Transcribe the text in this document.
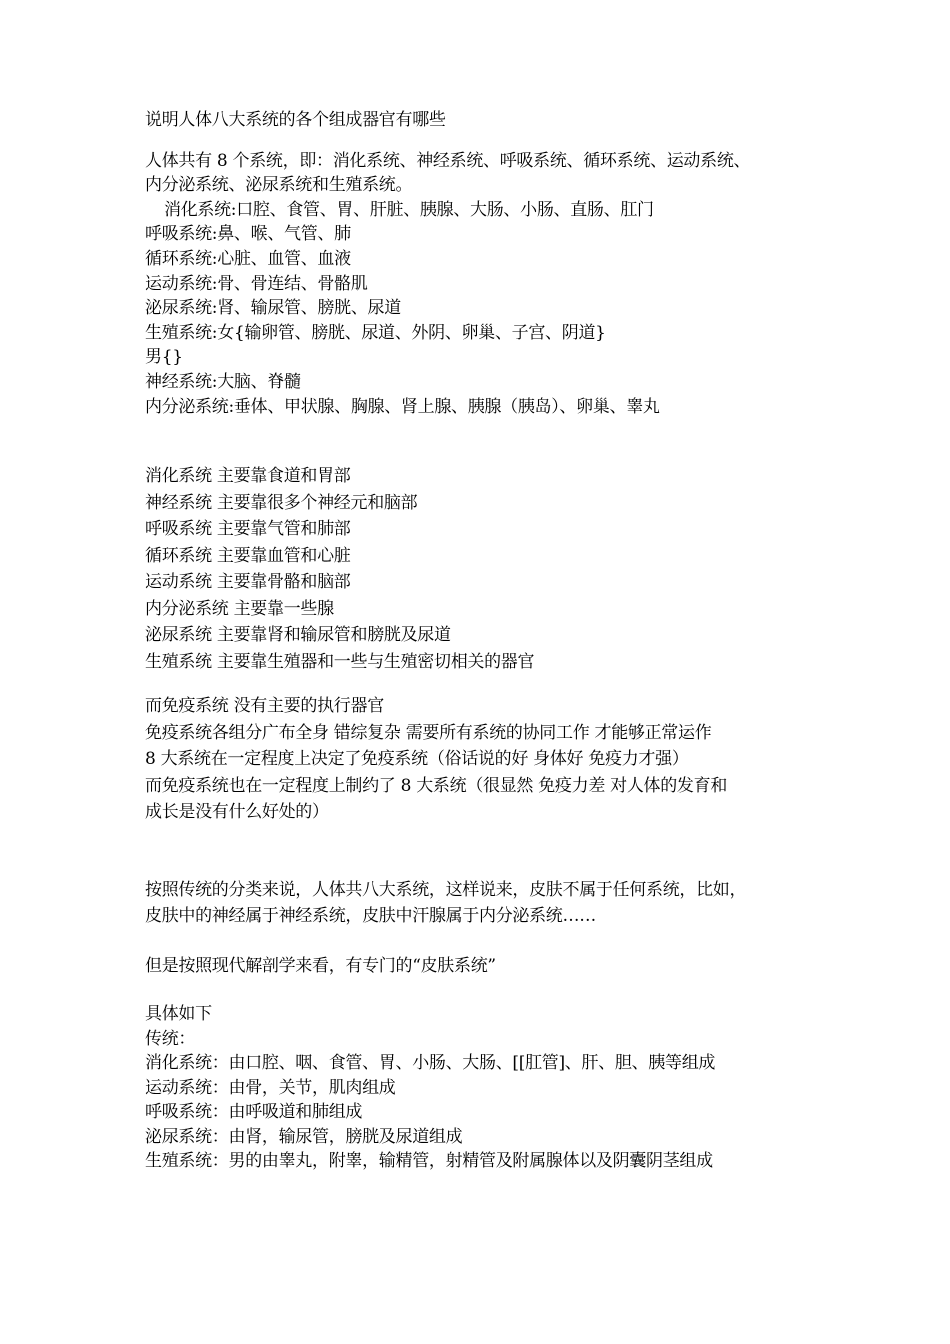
说明人体八大系统的各个组成器官有哪些
人体共有 8 个系统，即：消化系统、神经系统、呼吸系统、循环系统、运动系统、
内分泌系统、泌尿系统和生殖系统。
消化系统:口腔、食管、胃、肝脏、胰腺、大肠、小肠、直肠、肛门
呼吸系统:鼻、喉、气管、肺
循环系统:心脏、血管、血液
运动系统:骨、骨连结、骨骼肌
泌尿系统:肾、输尿管、膀胱、尿道
生殖系统:女{输卵管、膀胱、尿道、外阴、卵巢、子宫、阴道}
男{}
神经系统:大脑、脊髓
内分泌系统:垂体、甲状腺、胸腺、肾上腺、胰腺（胰岛）、卵巢、睾丸
消化系统 主要靠食道和胃部
神经系统 主要靠很多个神经元和脑部
呼吸系统 主要靠气管和肺部
循环系统 主要靠血管和心脏
运动系统 主要靠骨骼和脑部
内分泌系统 主要靠一些腺
泌尿系统 主要靠肾和输尿管和膀胱及尿道
生殖系统 主要靠生殖器和一些与生殖密切相关的器官
而免疫系统 没有主要的执行器官
免疫系统各组分广布全身 错综复杂 需要所有系统的协同工作 才能够正常运作
8 大系统在一定程度上决定了免疫系统（俗话说的好 身体好 免疫力才强）
而免疫系统也在一定程度上制约了 8 大系统（很显然 免疫力差 对人体的发育和
成长是没有什么好处的）
按照传统的分类来说，人体共八大系统，这样说来，皮肤不属于任何系统，比如，
皮肤中的神经属于神经系统，皮肤中汗腺属于内分泌系统……
但是按照现代解剖学来看，有专门的“皮肤系统”
具体如下
传统：
消化系统：由口腔、咽、食管、胃、小肠、大肠、[[肛管]、肝、胆、胰等组成
运动系统：由骨，关节，肌肉组成
呼吸系统：由呼吸道和肺组成
泌尿系统：由肾，输尿管，膀胱及尿道组成
生殖系统：男的由睾丸，附睾，输精管，射精管及附属腺体以及阴囊阴茎组成
